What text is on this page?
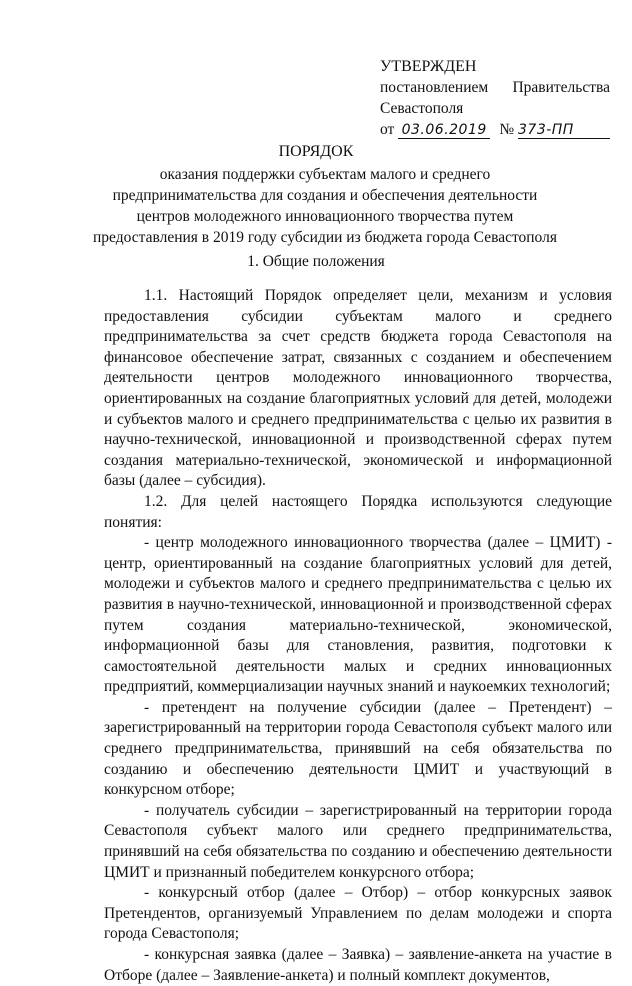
УТВЕРЖДЕН
постановлением Правительства
Севастополя
от 03.06.2019 № 373-ПП
ПОРЯДОК
оказания поддержки субъектам малого и среднего предпринимательства для создания и обеспечения деятельности центров молодежного инновационного творчества путем предоставления в 2019 году субсидии из бюджета города Севастополя
1. Общие положения

1.1. Настоящий Порядок определяет цели, механизм и условия предоставления субсидии субъектам малого и среднего предпринимательства за счет средств бюджета города Севастополя на финансовое обеспечение затрат, связанных с созданием и обеспечением деятельности центров молодежного инновационного творчества, ориентированных на создание благоприятных условий для детей, молодежи и субъектов малого и среднего предпринимательства с целью их развития в научно-технической, инновационной и производственной сферах путем создания материально-технической, экономической и информационной базы (далее – субсидия).

1.2. Для целей настоящего Порядка используются следующие понятия:

- центр молодежного инновационного творчества (далее – ЦМИТ) - центр, ориентированный на создание благоприятных условий для детей, молодежи и субъектов малого и среднего предпринимательства с целью их развития в научно-технической, инновационной и производственной сферах путем создания материально-технической, экономической, информационной базы для становления, развития, подготовки к самостоятельной деятельности малых и средних инновационных предприятий, коммерциализации научных знаний и наукоемких технологий;

- претендент на получение субсидии (далее – Претендент) – зарегистрированный на территории города Севастополя субъект малого или среднего предпринимательства, принявший на себя обязательства по созданию и обеспечению деятельности ЦМИТ и участвующий в конкурсном отборе;

- получатель субсидии – зарегистрированный на территории города Севастополя субъект малого или среднего предпринимательства, принявший на себя обязательства по созданию и обеспечению деятельности ЦМИТ и признанный победителем конкурсного отбора;

- конкурсный отбор (далее – Отбор) – отбор конкурсных заявок Претендентов, организуемый Управлением по делам молодежи и спорта города Севастополя;

- конкурсная заявка (далее – Заявка) – заявление-анкета на участие в Отборе (далее – Заявление-анкета) и полный комплект документов,
